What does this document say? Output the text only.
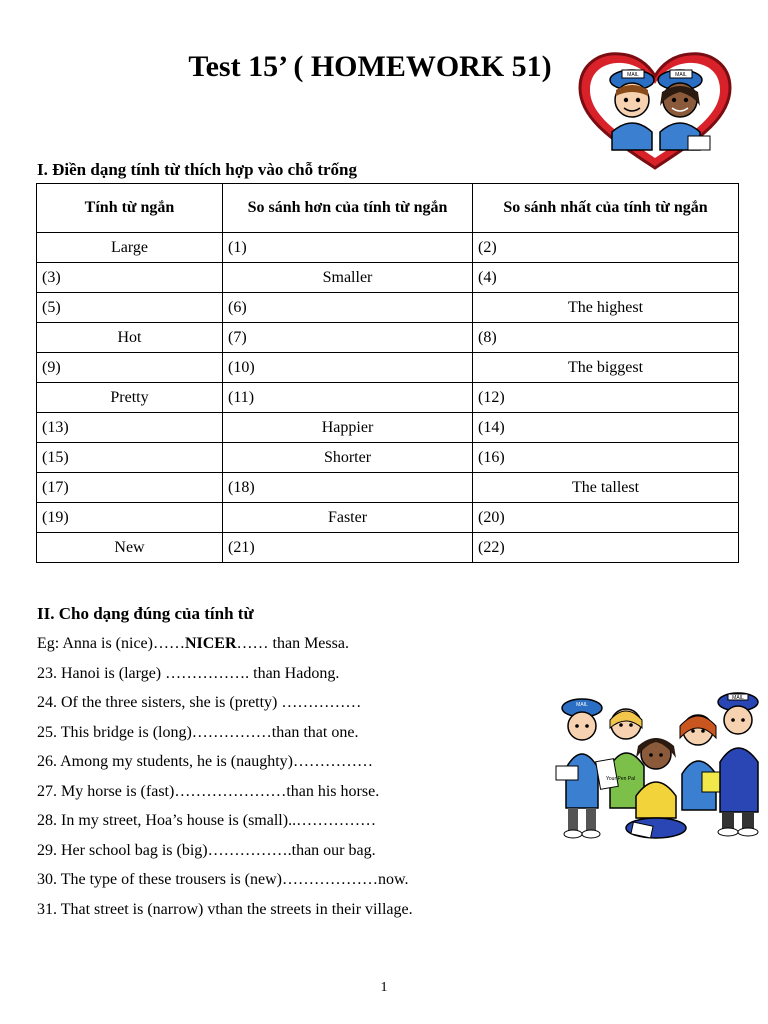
Test 15’ ( HOMEWORK 51)	MAIL	MAIL

I. Điền dạng tính từ thích hợp vào chỗ trống

Tính từ ngắn	So sánh hơn của tính từ ngắn	So sánh nhất của tính từ ngắn
Large	(1)	(2)
(3)	Smaller	(4)
(5)	(6)	The highest
Hot	(7)	(8)
(9)	(10)	The biggest
Pretty	(11)	(12)
(13)	Happier	(14)
(15)	Shorter	(16)
(17)	(18)	The tallest
(19)	Faster	(20)
New	(21)	(22)

II. Cho dạng đúng của tính từ

Eg: Anna is (nice)……NICER…… than Messa.
23. Hanoi is (large) ……………. than Hadong.
24. Of the three sisters, she is (pretty) ……………
25. This bridge is (long)……………than that one.
26. Among my students, he is (naughty)……………
27. My horse is (fast)…………………than his horse.
28. In my street, Hoa’s house is (small)..……………
29. Her school bag is (big)…………….than our bag.
30. The type of these trousers is (new)………………now.
31. That street is (narrow) vthan the streets in their village.
Your Pen Pal
MAIL
MAIL
1
